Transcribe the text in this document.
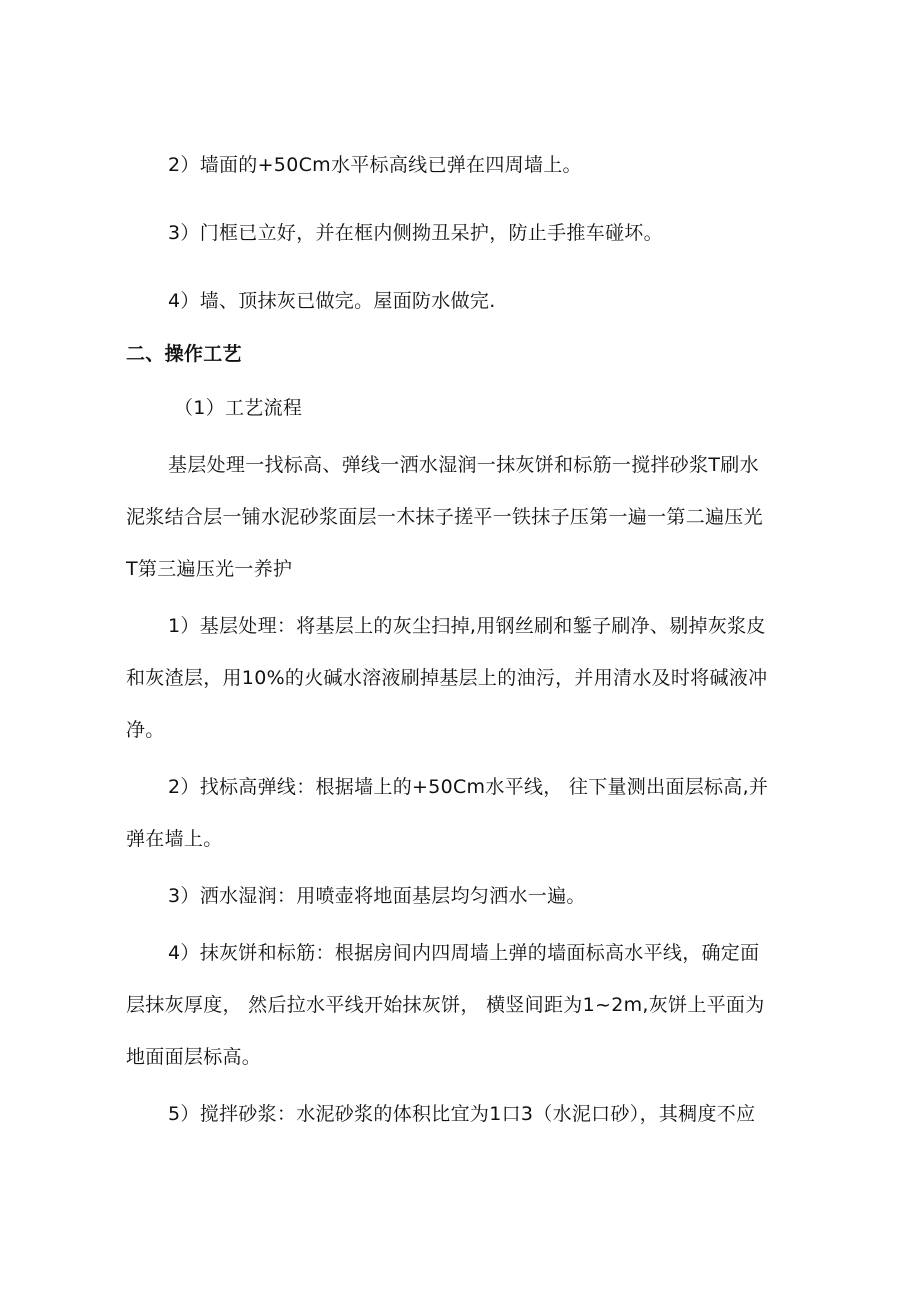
2）墙面的+50Cm水平标高线已弹在四周墙上。
3）门框已立好，并在框内侧拗丑呆护，防止手推车碰坏。
4）墙、顶抹灰已做完。屋面防水做完.
二、操作工艺
（1）工艺流程
基层处理一找标高、弹线一洒水湿润一抹灰饼和标筋一搅拌砂浆T刷水
泥浆结合层一铺水泥砂浆面层一木抹子搓平一铁抹子压第一遍一第二遍压光
T第三遍压光一养护
1）基层处理：将基层上的灰尘扫掉,用钢丝刷和錾子刷净、剔掉灰浆皮
和灰渣层，用10%的火碱水溶液刷掉基层上的油污，并用清水及时将碱液冲
净。
2）找标高弹线：根据墙上的+50Cm水平线， 往下量测出面层标高,并
弹在墙上。
3）洒水湿润：用喷壶将地面基层均匀洒水一遍。
4）抹灰饼和标筋：根据房间内四周墙上弹的墙面标高水平线，确定面
层抹灰厚度， 然后拉水平线开始抹灰饼， 横竖间距为1~2m,灰饼上平面为
地面面层标高。
5）搅拌砂浆：水泥砂浆的体积比宜为1口3（水泥口砂），其稠度不应
